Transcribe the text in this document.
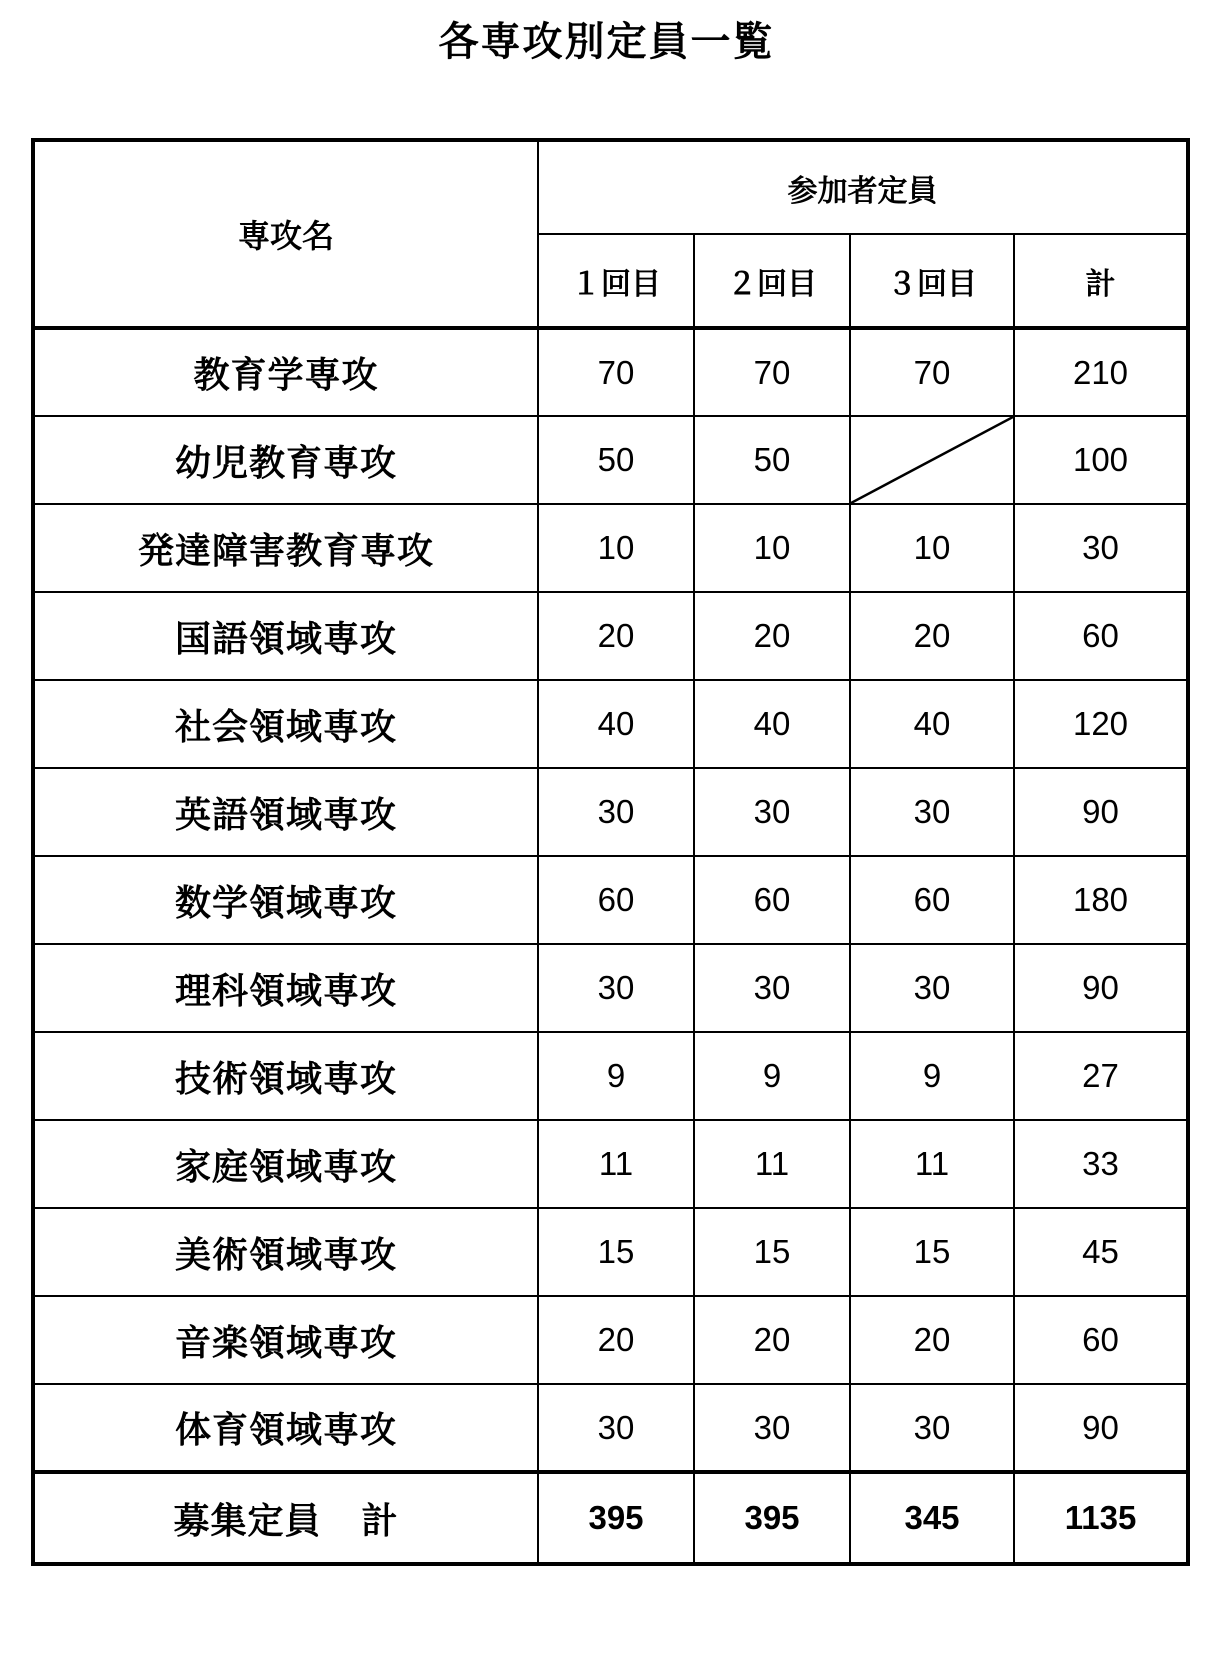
各専攻別定員一覧
専攻名	参加者定員			
	１回目	２回目	３回目	計
教育学専攻	70	70	70	210
幼児教育専攻	50	50		100
発達障害教育専攻	10	10	10	30
国語領域専攻	20	20	20	60
社会領域専攻	40	40	40	120
英語領域専攻	30	30	30	90
数学領域専攻	60	60	60	180
理科領域専攻	30	30	30	90
技術領域専攻	9	9	9	27
家庭領域専攻	11	11	11	33
美術領域専攻	15	15	15	45
音楽領域専攻	20	20	20	60
体育領域専攻	30	30	30	90
募集定員 計	395	395	345	1135
